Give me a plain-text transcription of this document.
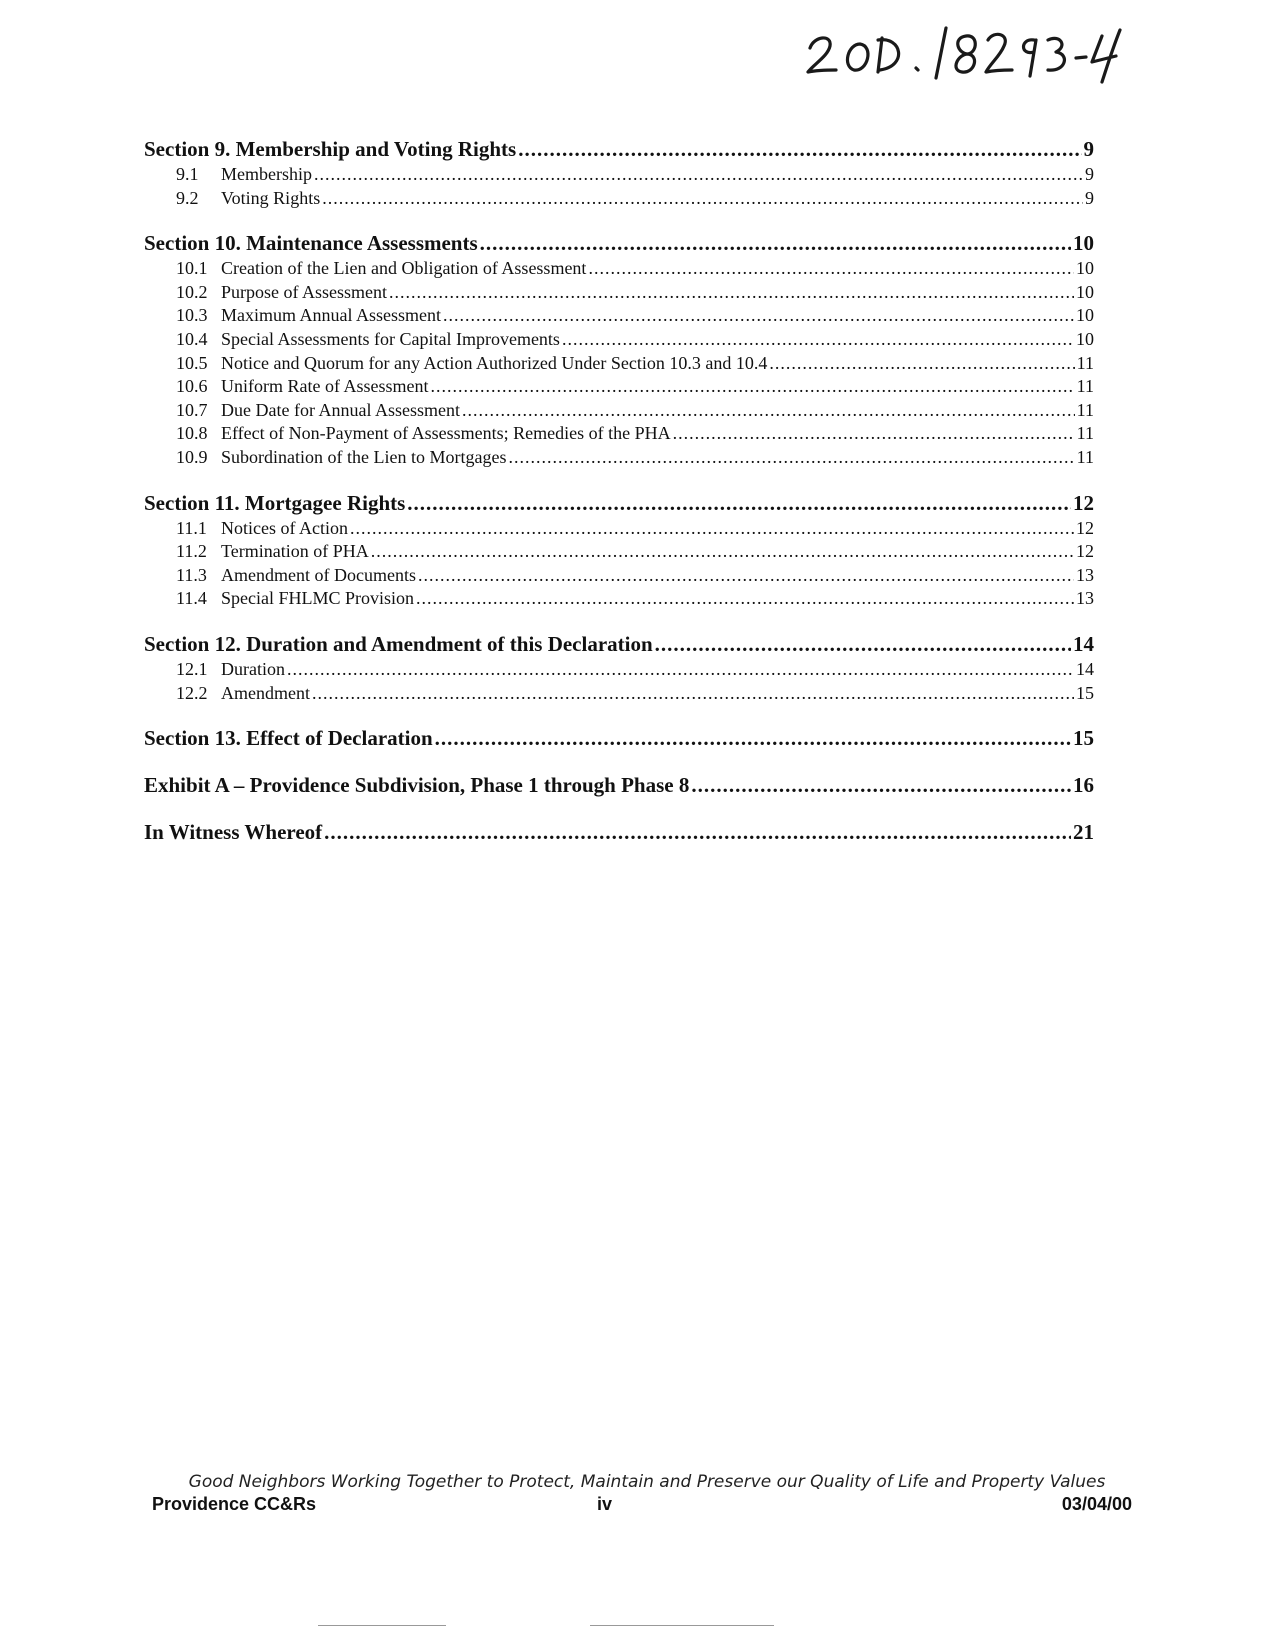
Section 9. Membership and Voting Rights .....	9
9.1	Membership .....	9
9.2	Voting Rights .....	9
Section 10. Maintenance Assessments .....	10
10.1 Creation of the Lien and Obligation of Assessment .....	10
10.2 Purpose of Assessment .....	10
10.3 Maximum Annual Assessment .....	10
10.4 Special Assessments for Capital Improvements .....	10
10.5 Notice and Quorum for any Action Authorized Under Section 10.3 and 10.4 .....	11
10.6 Uniform Rate of Assessment .....	11
10.7 Due Date for Annual Assessment .....	11
10.8 Effect of Non-Payment of Assessments; Remedies of the PHA .....	11
10.9 Subordination of the Lien to Mortgages .....	11
Section 11. Mortgagee Rights .....	12
11.1 Notices of Action .....	12
11.2 Termination of PHA .....	12
11.3 Amendment of Documents .....	13
11.4 Special FHLMC Provision .....	13
Section 12. Duration and Amendment of this Declaration .....	14
12.1 Duration .....	14
12.2 Amendment .....	15
Section 13. Effect of Declaration .....	15
Exhibit A – Providence Subdivision, Phase 1 through Phase 8 .....	16
In Witness Whereof .....	21
Good Neighbors Working Together to Protect, Maintain and Preserve our Quality of Life and Property Values
Providence CC&Rs	iv	03/04/00
